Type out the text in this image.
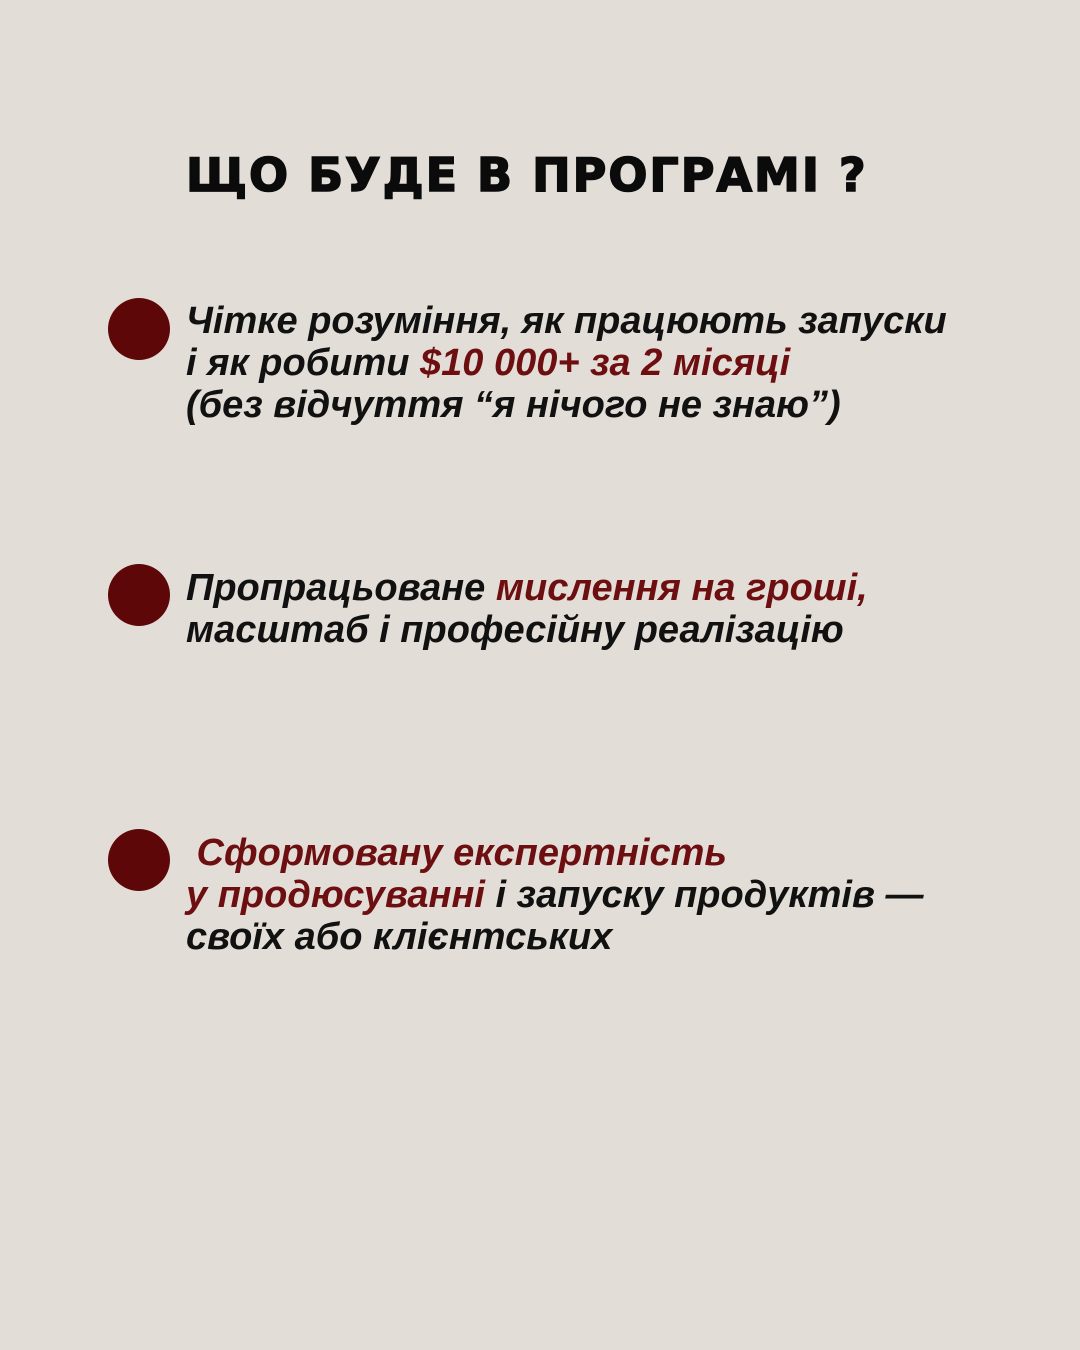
ЩО БУДЕ В ПРОГРАМІ ?

Чітке розуміння, як працюють запуски
і як робити $10 000+ за 2 місяці
(без відчуття “я нічого не знаю”)

Пропрацьоване мислення на гроші,
масштаб і професійну реалізацію

Сформовану експертність
у продюсуванні і запуску продуктів —
своїх або клієнтських
